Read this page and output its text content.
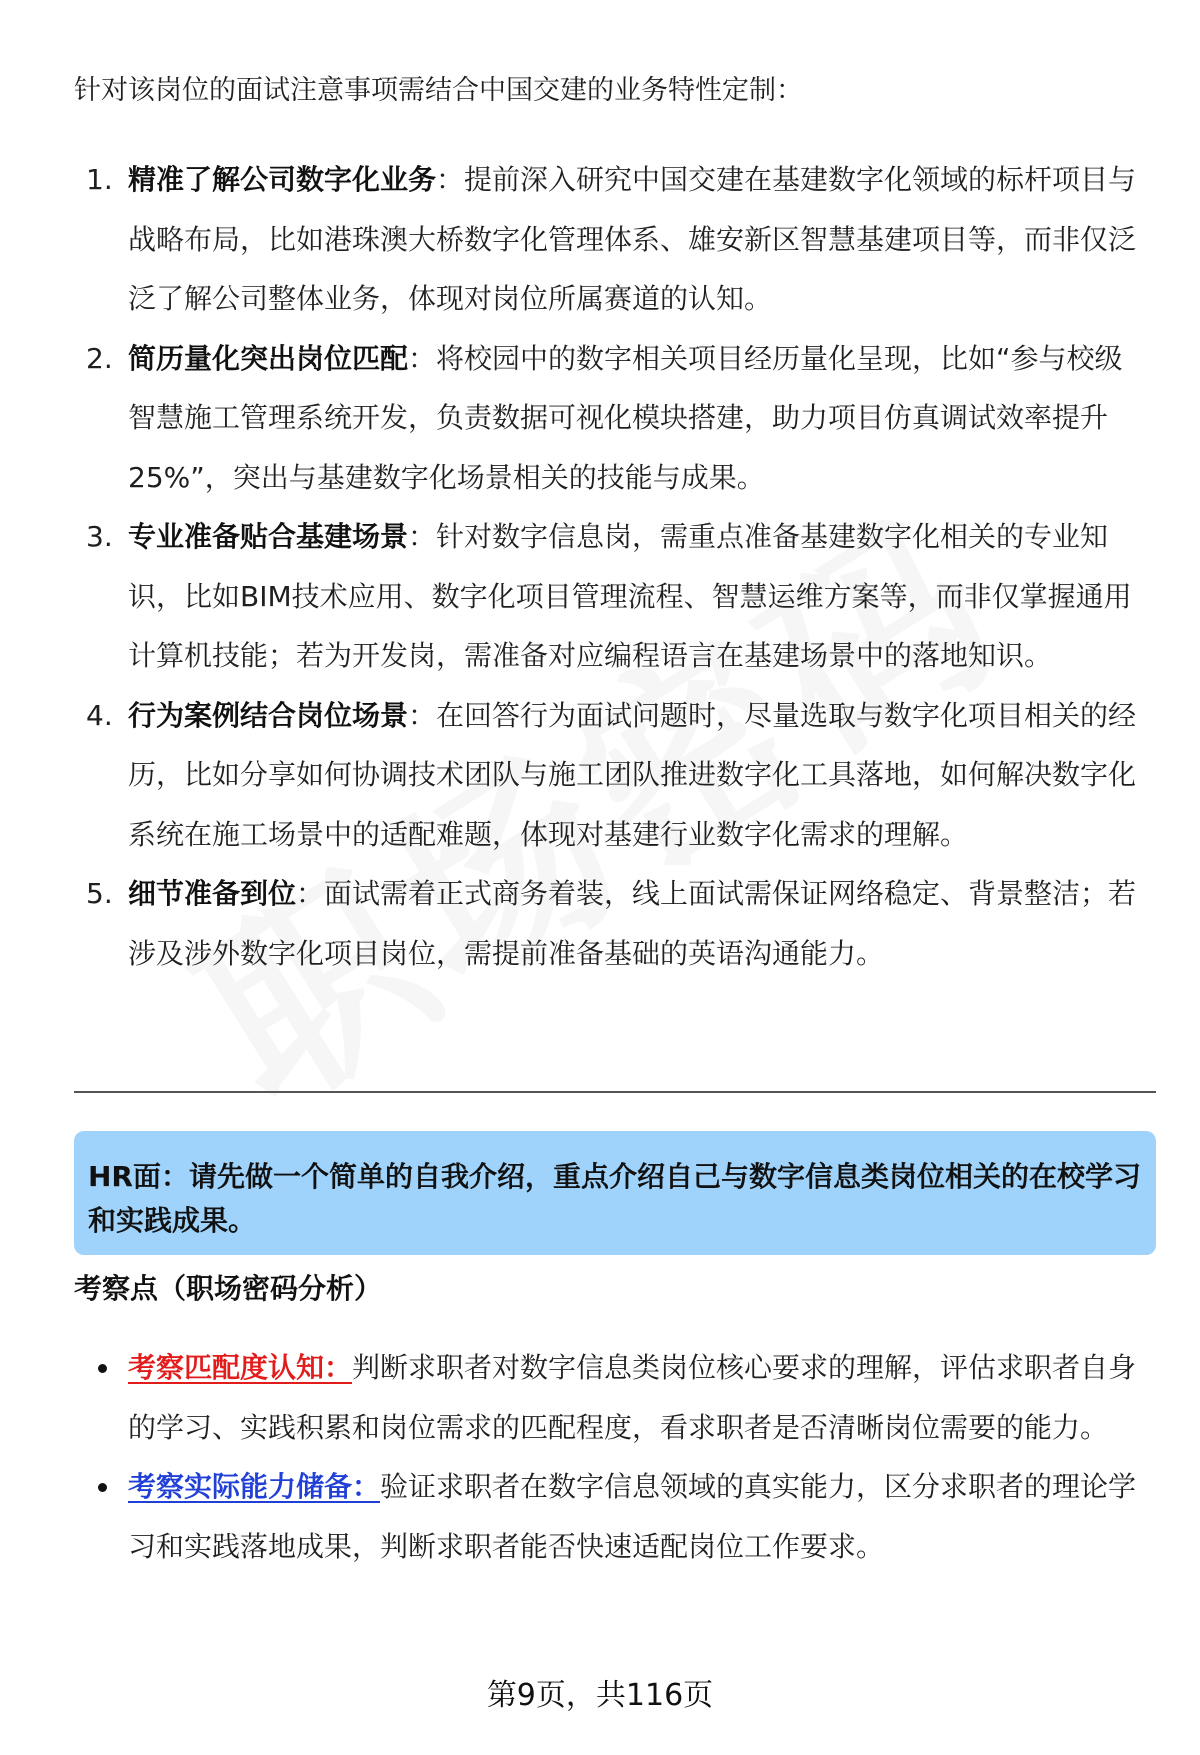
针对该岗位的面试注意事项需结合中国交建的业务特性定制：
1. 精准了解公司数字化业务：提前深入研究中国交建在基建数字化领域的标杆项目与战略布局，比如港珠澳大桥数字化管理体系、雄安新区智慧基建项目等，而非仅泛泛了解公司整体业务，体现对岗位所属赛道的认知。
2. 简历量化突出岗位匹配：将校园中的数字相关项目经历量化呈现，比如“参与校级智慧施工管理系统开发，负责数据可视化模块搭建，助力项目仿真调试效率提升25%”，突出与基建数字化场景相关的技能与成果。
3. 专业准备贴合基建场景：针对数字信息岗，需重点准备基建数字化相关的专业知识，比如BIM技术应用、数字化项目管理流程、智慧运维方案等，而非仅掌握通用计算机技能；若为开发岗，需准备对应编程语言在基建场景中的落地知识。
4. 行为案例结合岗位场景：在回答行为面试问题时，尽量选取与数字化项目相关的经历，比如分享如何协调技术团队与施工团队推进数字化工具落地，如何解决数字化系统在施工场景中的适配难题，体现对基建行业数字化需求的理解。
5. 细节准备到位：面试需着正式商务着装，线上面试需保证网络稳定、背景整洁；若涉及涉外数字化项目岗位，需提前准备基础的英语沟通能力。
HR面：请先做一个简单的自我介绍，重点介绍自己与数字信息类岗位相关的在校学习和实践成果。
考察点（职场密码分析）
考察匹配度认知：判断求职者对数字信息类岗位核心要求的理解，评估求职者自身的学习、实践积累和岗位需求的匹配程度，看求职者是否清晰岗位需要的能力。
考察实际能力储备：验证求职者在数字信息领域的真实能力，区分求职者的理论学习和实践落地成果，判断求职者能否快速适配岗位工作要求。
第9页，共116页
